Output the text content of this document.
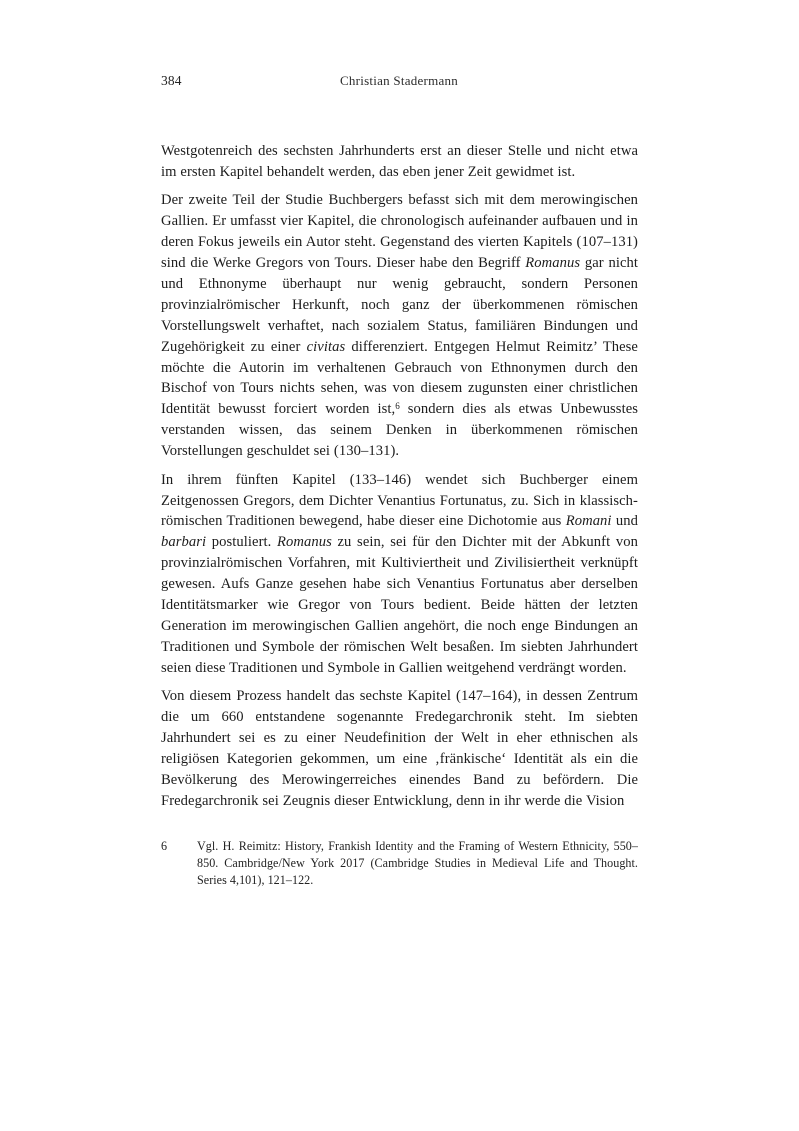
384	Christian Stadermann

Westgotenreich des sechsten Jahrhunderts erst an dieser Stelle und nicht etwa im ersten Kapitel behandelt werden, das eben jener Zeit gewidmet ist.

Der zweite Teil der Studie Buchbergers befasst sich mit dem merowingischen Gallien. Er umfasst vier Kapitel, die chronologisch aufeinander aufbauen und in deren Fokus jeweils ein Autor steht. Gegenstand des vierten Kapitels (107–131) sind die Werke Gregors von Tours. Dieser habe den Begriff Romanus gar nicht und Ethnonyme überhaupt nur wenig gebraucht, sondern Personen provinzialrömischer Herkunft, noch ganz der überkommenen römischen Vorstellungswelt verhaftet, nach sozialem Status, familiären Bindungen und Zugehörigkeit zu einer civitas differenziert. Entgegen Helmut Reimitz’ These möchte die Autorin im verhaltenen Gebrauch von Ethnonymen durch den Bischof von Tours nichts sehen, was von diesem zugunsten einer christlichen Identität bewusst forciert worden ist,$^6$ sondern dies als etwas Unbewusstes verstanden wissen, das seinem Denken in überkommenen römischen Vorstellungen geschuldet sei (130–131).

In ihrem fünften Kapitel (133–146) wendet sich Buchberger einem Zeitgenossen Gregors, dem Dichter Venantius Fortunatus, zu. Sich in klassisch-römischen Traditionen bewegend, habe dieser eine Dichotomie aus Romani und barbari postuliert. Romanus zu sein, sei für den Dichter mit der Abkunft von provinzialrömischen Vorfahren, mit Kultiviertheit und Zivilisiertheit verknüpft gewesen. Aufs Ganze gesehen habe sich Venantius Fortunatus aber derselben Identitätsmarker wie Gregor von Tours bedient. Beide hätten der letzten Generation im merowingischen Gallien angehört, die noch enge Bindungen an Traditionen und Symbole der römischen Welt besaßen. Im siebten Jahrhundert seien diese Traditionen und Symbole in Gallien weitgehend verdrängt worden.

Von diesem Prozess handelt das sechste Kapitel (147–164), in dessen Zentrum die um 660 entstandene sogenannte Fredegarchronik steht. Im siebten Jahrhundert sei es zu einer Neudefinition der Welt in eher ethnischen als religiösen Kategorien gekommen, um eine ‚fränkische‘ Identität als ein die Bevölkerung des Merowingerreiches einendes Band zu befördern. Die Fredegarchronik sei Zeugnis dieser Entwicklung, denn in ihr werde die Vision

6	Vgl. H. Reimitz: History, Frankish Identity and the Framing of Western Ethnicity, 550–850. Cambridge/New York 2017 (Cambridge Studies in Medieval Life and Thought. Series 4,101), 121–122.
